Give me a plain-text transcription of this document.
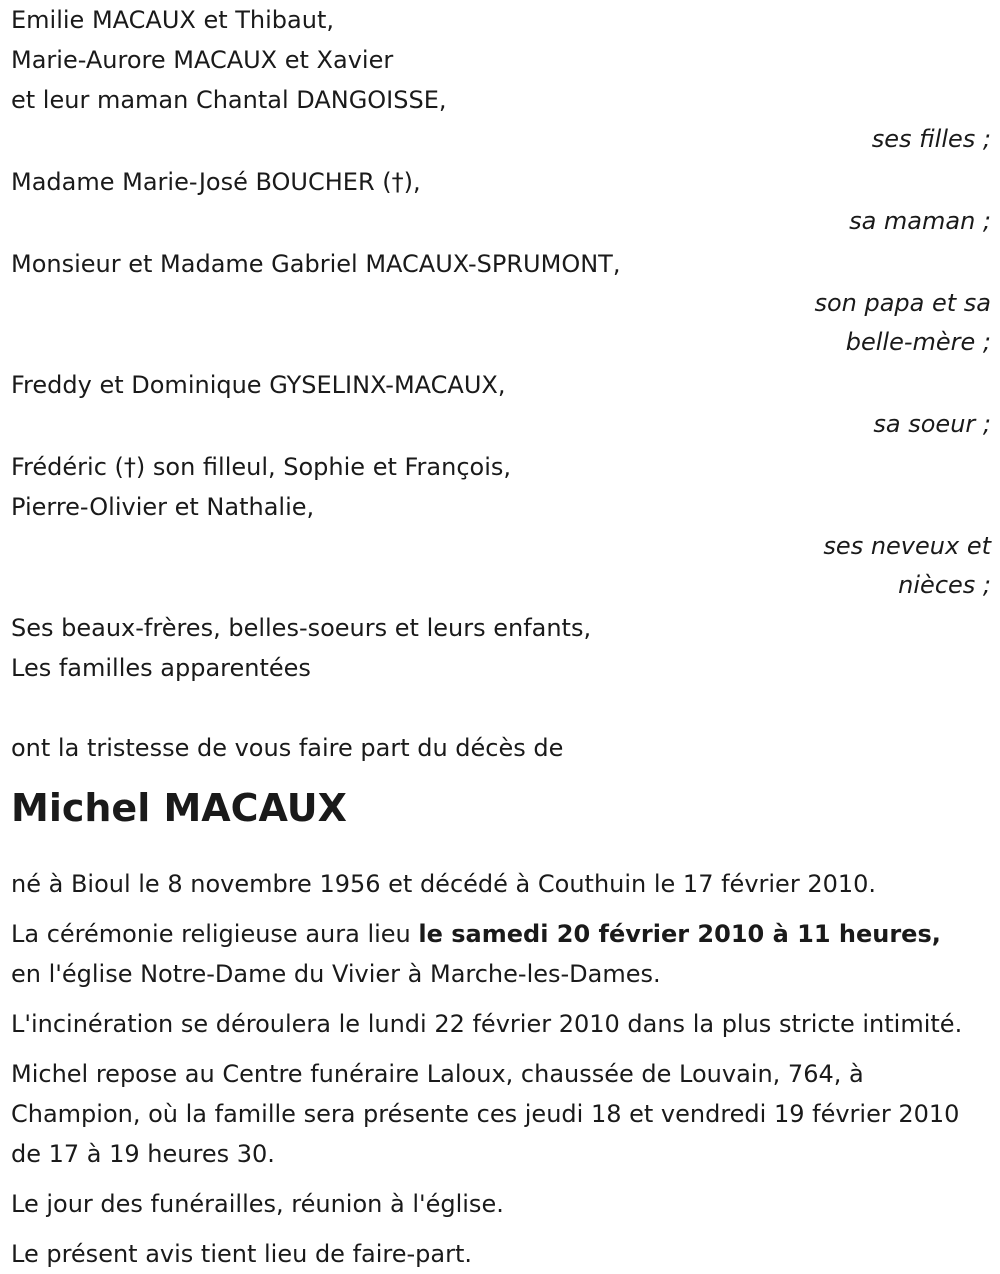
Emilie MACAUX et Thibaut,
Marie-Aurore MACAUX et Xavier
et leur maman Chantal DANGOISSE,
ses filles ;
Madame Marie-José BOUCHER (†),
sa maman ;
Monsieur et Madame Gabriel MACAUX-SPRUMONT,
son papa et sa
belle-mère ;
Freddy et Dominique GYSELINX-MACAUX,
sa soeur ;
Frédéric (†) son filleul, Sophie et François,
Pierre-Olivier et Nathalie,
ses neveux et
nièces ;
Ses beaux-frères, belles-soeurs et leurs enfants,
Les familles apparentées
ont la tristesse de vous faire part du décès de
Michel MACAUX

né à Bioul le 8 novembre 1956 et décédé à Couthuin le 17 février 2010.

La cérémonie religieuse aura lieu le samedi 20 février 2010 à 11 heures,
en l'église Notre-Dame du Vivier à Marche-les-Dames.

L'incinération se déroulera le lundi 22 février 2010 dans la plus stricte intimité.

Michel repose au Centre funéraire Laloux, chaussée de Louvain, 764, à Champion, où la famille sera présente ces jeudi 18 et vendredi 19 février 2010 de 17 à 19 heures 30.

Le jour des funérailles, réunion à l'église.

Le présent avis tient lieu de faire-part.
